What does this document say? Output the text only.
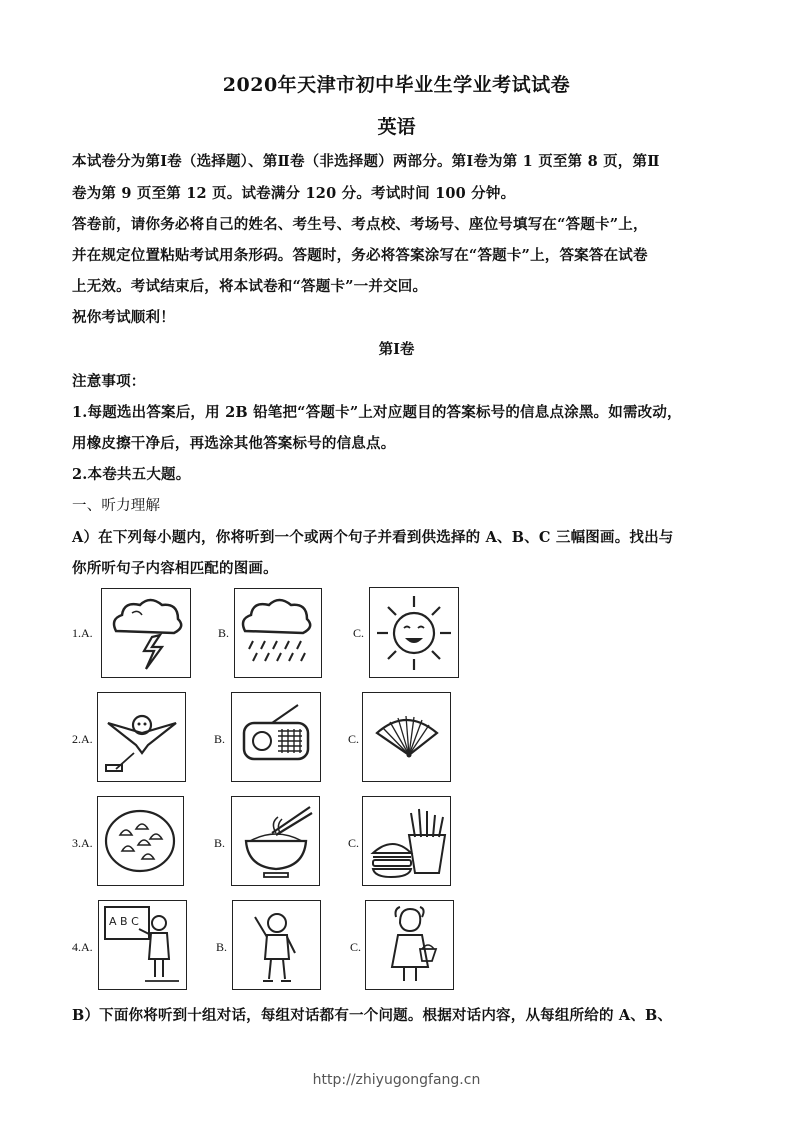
2020年天津市初中毕业生学业考试试卷
英语
本试卷分为第Ⅰ卷（选择题）、第Ⅱ卷（非选择题）两部分。第Ⅰ卷为第 1 页至第 8 页，第Ⅱ
卷为第 9 页至第 12 页。试卷满分 120 分。考试时间 100 分钟。
答卷前，请你务必将自己的姓名、考生号、考点校、考场号、座位号填写在“答题卡”上，
并在规定位置粘贴考试用条形码。答题时，务必将答案涂写在“答题卡”上，答案答在试卷
上无效。考试结束后，将本试卷和“答题卡”一并交回。
祝你考试顺利！
第Ⅰ卷
注意事项：
1.每题选出答案后，用 2B 铅笔把“答题卡”上对应题目的答案标号的信息点涂黑。如需改动，
用橡皮擦干净后，再选涂其他答案标号的信息点。
2.本卷共五大题。
一、听力理解
A）在下列每小题内，你将听到一个或两个句子并看到供选择的 A、B、C 三幅图画。找出与
你所听句子内容相匹配的图画。
1.A.	B.	C.
2.A.	B.	C.
3.A.	B.	C.
4.A.
A B C
B.	C.
B）下面你将听到十组对话，每组对话都有一个问题。根据对话内容，从每组所给的 A、B、
http://zhiyugongfang.cn
